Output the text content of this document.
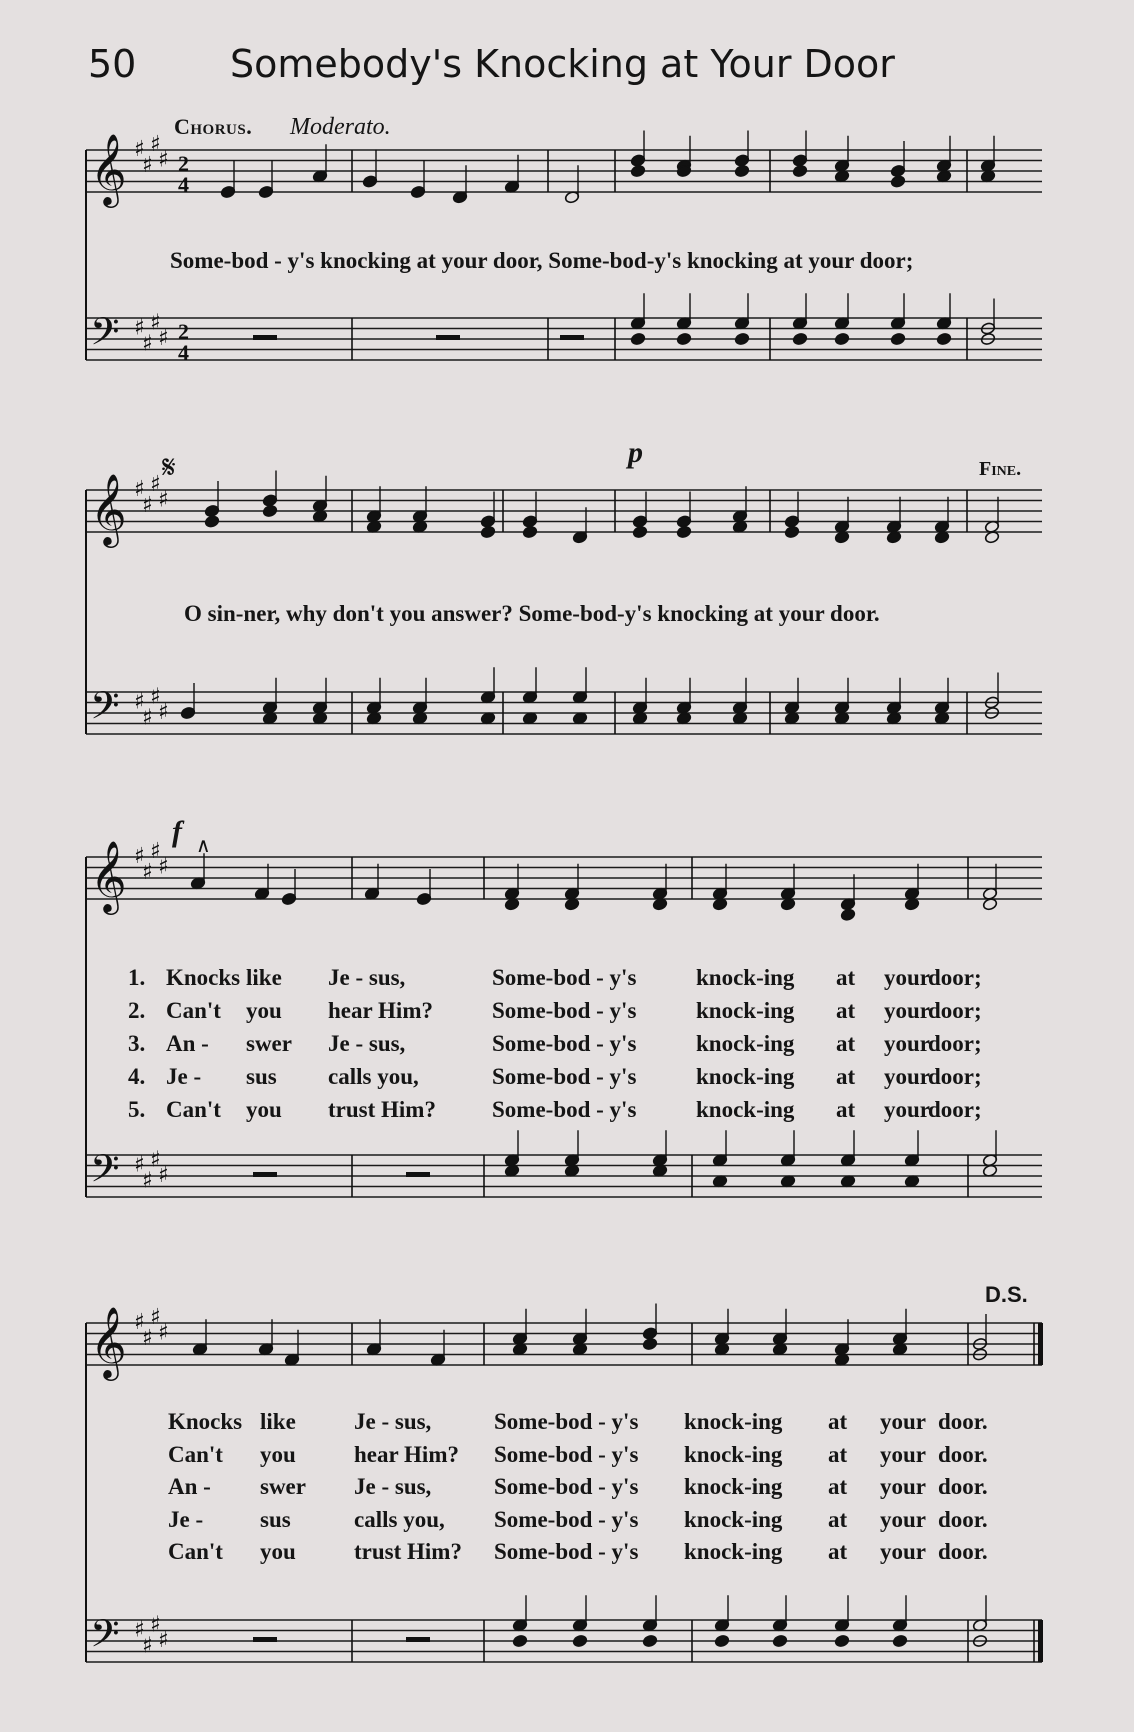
50 Somebody's Knocking at Your Door
Chorus. Moderato.
p	Fine.
f
D.S.
𝄞
𝄢
♯
♯
♯
♯
♯
♯
♯
♯
2
4
2
4
𝄞
𝄢
♯
♯
♯
♯
♯
♯
♯
♯
𝄞
𝄢
♯
♯
♯
♯
♯
♯
♯
♯
𝄞
𝄢
♯
♯
♯
♯
♯
♯
♯
♯
𝄋
∧
Some-bod - y's knocking at your door, Some-bod-y's knocking at your door;
O sin-ner, why don't you answer? Some-bod-y's knocking at your door.
1. Knocks like Je - sus,	Some-bod - y's	knock-ing at your
door;
2. Can't you hear Him?	Some-bod - y's	knock-ing at your
door;
3. An - swer Je - sus,	Some-bod - y's	knock-ing at your
door;
4. Je - sus calls you,	Some-bod - y's	knock-ing at your
door;
5. Can't you trust Him? Some-bod - y's	knock-ing at your
door;
Knocks like	Je - sus,	Some-bod - y's knock-ing at your door.
Can't you	hear Him? Some-bod - y's knock-ing at your door.
An - swer Je - sus,	Some-bod - y's knock-ing at your door.
Je - sus	calls you, Some-bod - y's knock-ing at your door.
Can't you	trust Him? Some-bod - y's knock-ing at your door.
